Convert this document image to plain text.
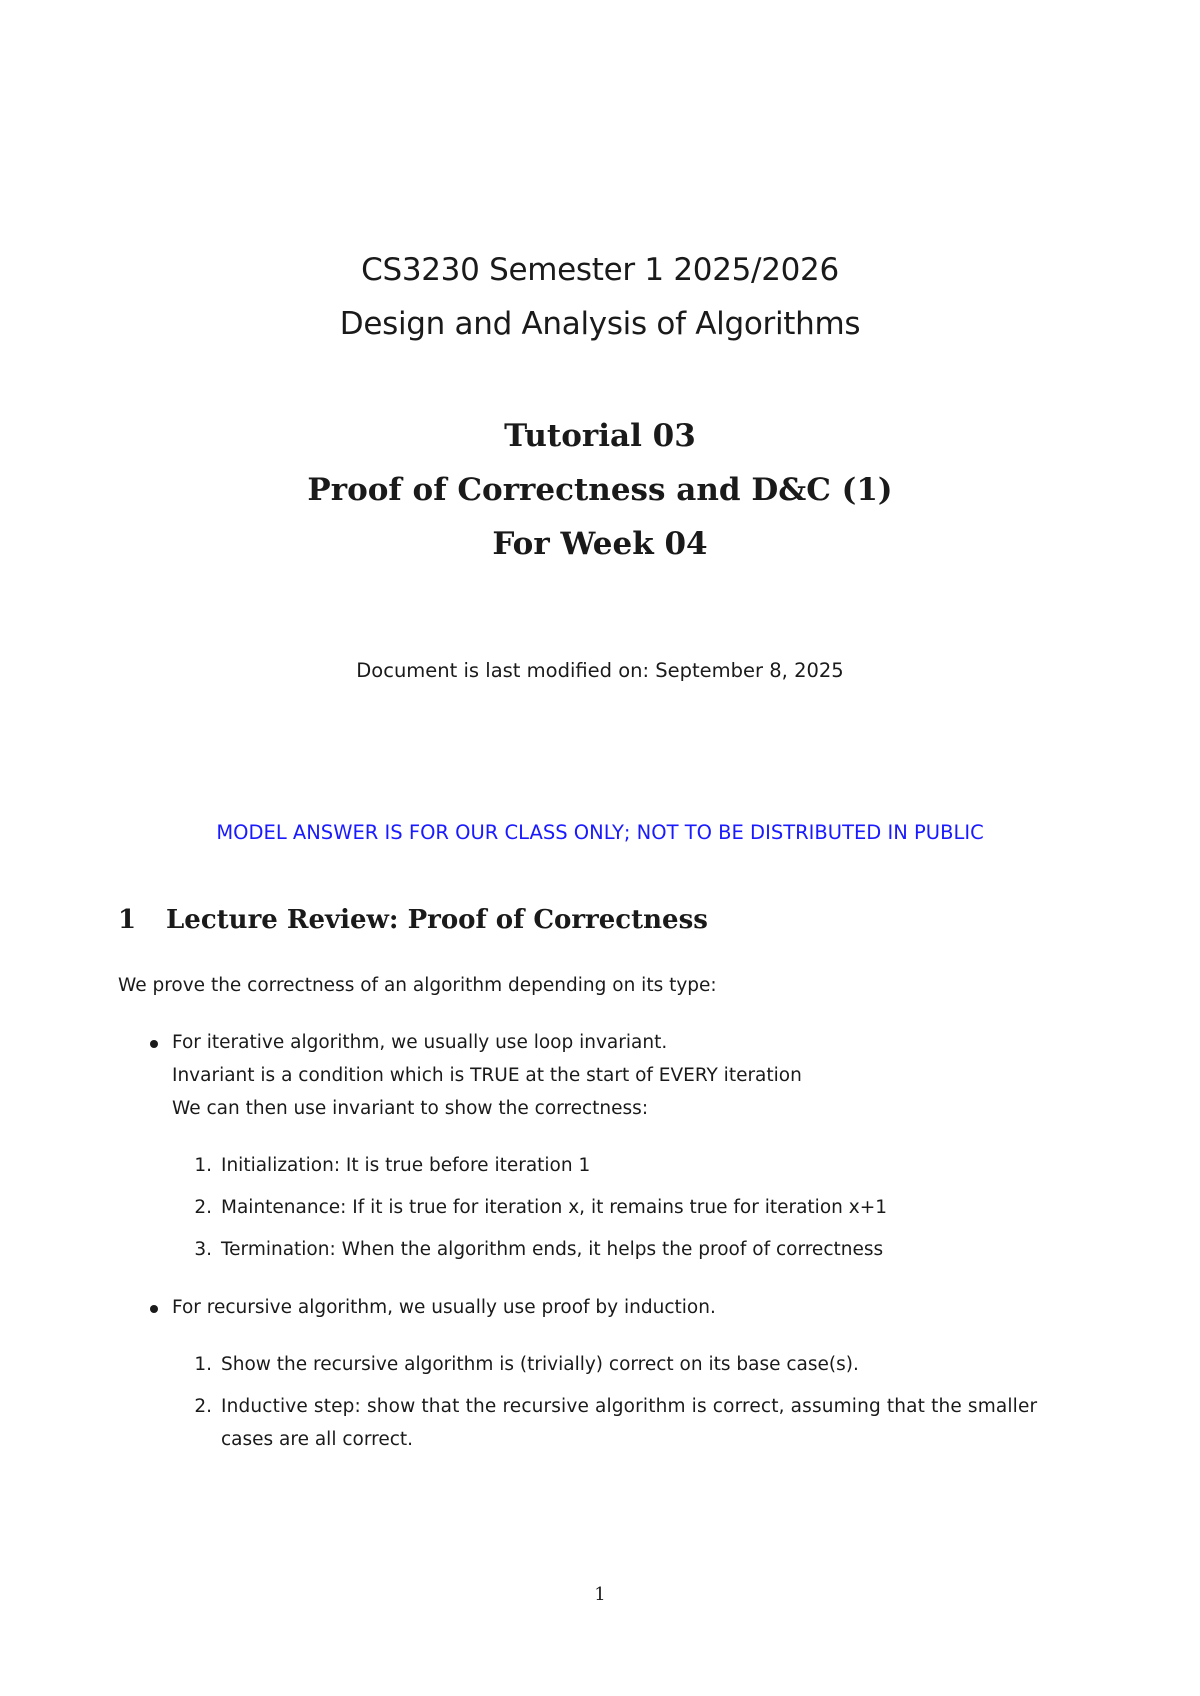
CS3230 Semester 1 2025/2026
Design and Analysis of Algorithms
Tutorial 03
Proof of Correctness and D&C (1)
For Week 04
Document is last modified on: September 8, 2025
MODEL ANSWER IS FOR OUR CLASS ONLY; NOT TO BE DISTRIBUTED IN PUBLIC
1 Lecture Review: Proof of Correctness
We prove the correctness of an algorithm depending on its type:
For iterative algorithm, we usually use loop invariant.
Invariant is a condition which is TRUE at the start of EVERY iteration
We can then use invariant to show the correctness:
1. Initialization: It is true before iteration 1
2. Maintenance: If it is true for iteration x, it remains true for iteration x+1
3. Termination: When the algorithm ends, it helps the proof of correctness
For recursive algorithm, we usually use proof by induction.
1. Show the recursive algorithm is (trivially) correct on its base case(s).
2. Inductive step: show that the recursive algorithm is correct, assuming that the smaller
cases are all correct.
1
